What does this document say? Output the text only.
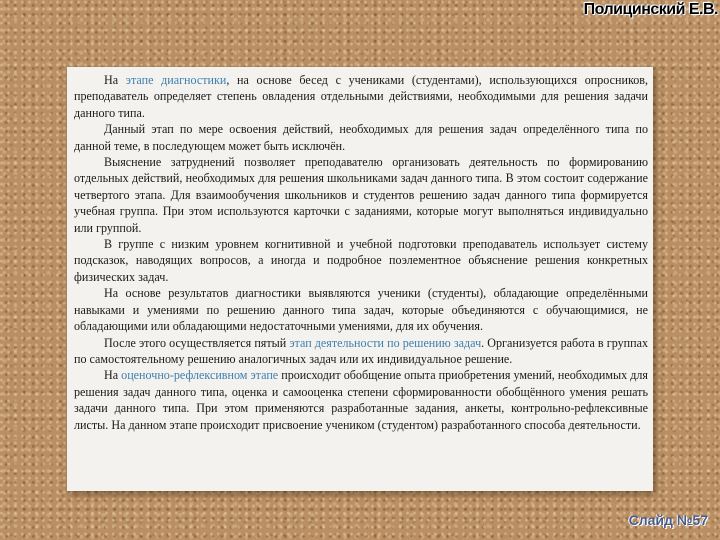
Полицинский Е.В.

На этапе диагностики, на основе бесед с учениками (студентами), использующихся опросников, преподаватель определяет степень овладения отдельными действиями, необходимыми для решения задачи данного типа.

Данный этап по мере освоения действий, необходимых для решения задач определённого типа по данной теме, в последующем может быть исключён.

Выяснение затруднений позволяет преподавателю организовать деятельность по формированию отдельных действий, необходимых для решения школьниками задач данного типа. В этом состоит содержание четвертого этапа. Для взаимообучения школьников и студентов решению задач данного типа формируется учебная группа. При этом используются карточки с заданиями, которые могут выполняться индивидуально или группой.

В группе с низким уровнем когнитивной и учебной подготовки преподаватель использует систему подсказок, наводящих вопросов, а иногда и подробное поэлементное объяснение решения конкретных физических задач.

На основе результатов диагностики выявляются ученики (студенты), обладающие определёнными навыками и умениями по решению данного типа задач, которые объединяются с обучающимися, не обладающими или обладающими недостаточными умениями, для их обучения.

После этого осуществляется пятый этап деятельности по решению задач. Организуется работа в группах по самостоятельному решению аналогичных задач или их индивидуальное решение.

На оценочно-рефлексивном этапе происходит обобщение опыта приобретения умений, необходимых для решения задач данного типа, оценка и самооценка степени сформированности обобщённого умения решать задачи данного типа. При этом применяются разработанные задания, анкеты, контрольно-рефлексивные листы. На данном этапе происходит присвоение учеником (студентом) разработанного способа деятельности.

Слайд №57
